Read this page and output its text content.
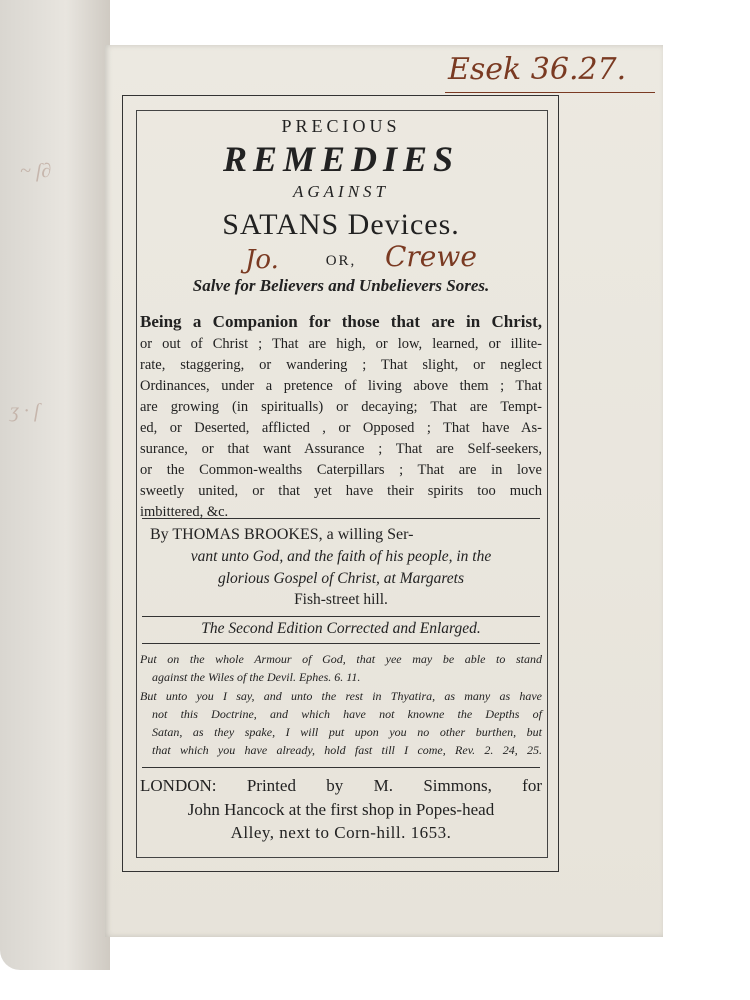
~ ſ∂
ʒ · ſ
Esek 36.27.
PRECIOUS
REMEDIES
AGAINST
SATANS Devices.
Jo.	OR,	Crewe
Salve for Believers and Unbelievers Sores.
Being a Companion for those that are in Christ,
or out of Christ ; That are high, or low, learned, or illite-
rate, staggering, or wandering ; That slight, or neglect
Ordinances, under a pretence of living above them ; That
are growing (in spiritualls) or decaying; That are Tempt-
ed, or Deserted, afflicted , or Opposed ; That have As-
surance, or that want Assurance ; That are Self-seekers,
or the Common-wealths Caterpillars ; That are in love
sweetly united, or that yet have their spirits too much
imbittered, &c.
By THOMAS BROOKES, a willing Ser-
vant unto God, and the faith of his people, in the
glorious Gospel of Christ, at Margarets
Fish-street hill.
The Second Edition Corrected and Enlarged.
Put on the whole Armour of God, that yee may be able to stand
against the Wiles of the Devil. Ephes. 6. 11.
But unto you I say, and unto the rest in Thyatira, as many as have
not this Doctrine, and which have not knowne the Depths of
Satan, as they spake, I will put upon you no other burthen, but
that which you have already, hold fast till I come, Rev. 2. 24, 25.
LONDON: Printed by M. Simmons, for
John Hancock at the first shop in Popes-head
Alley, next to Corn-hill. 1653.
